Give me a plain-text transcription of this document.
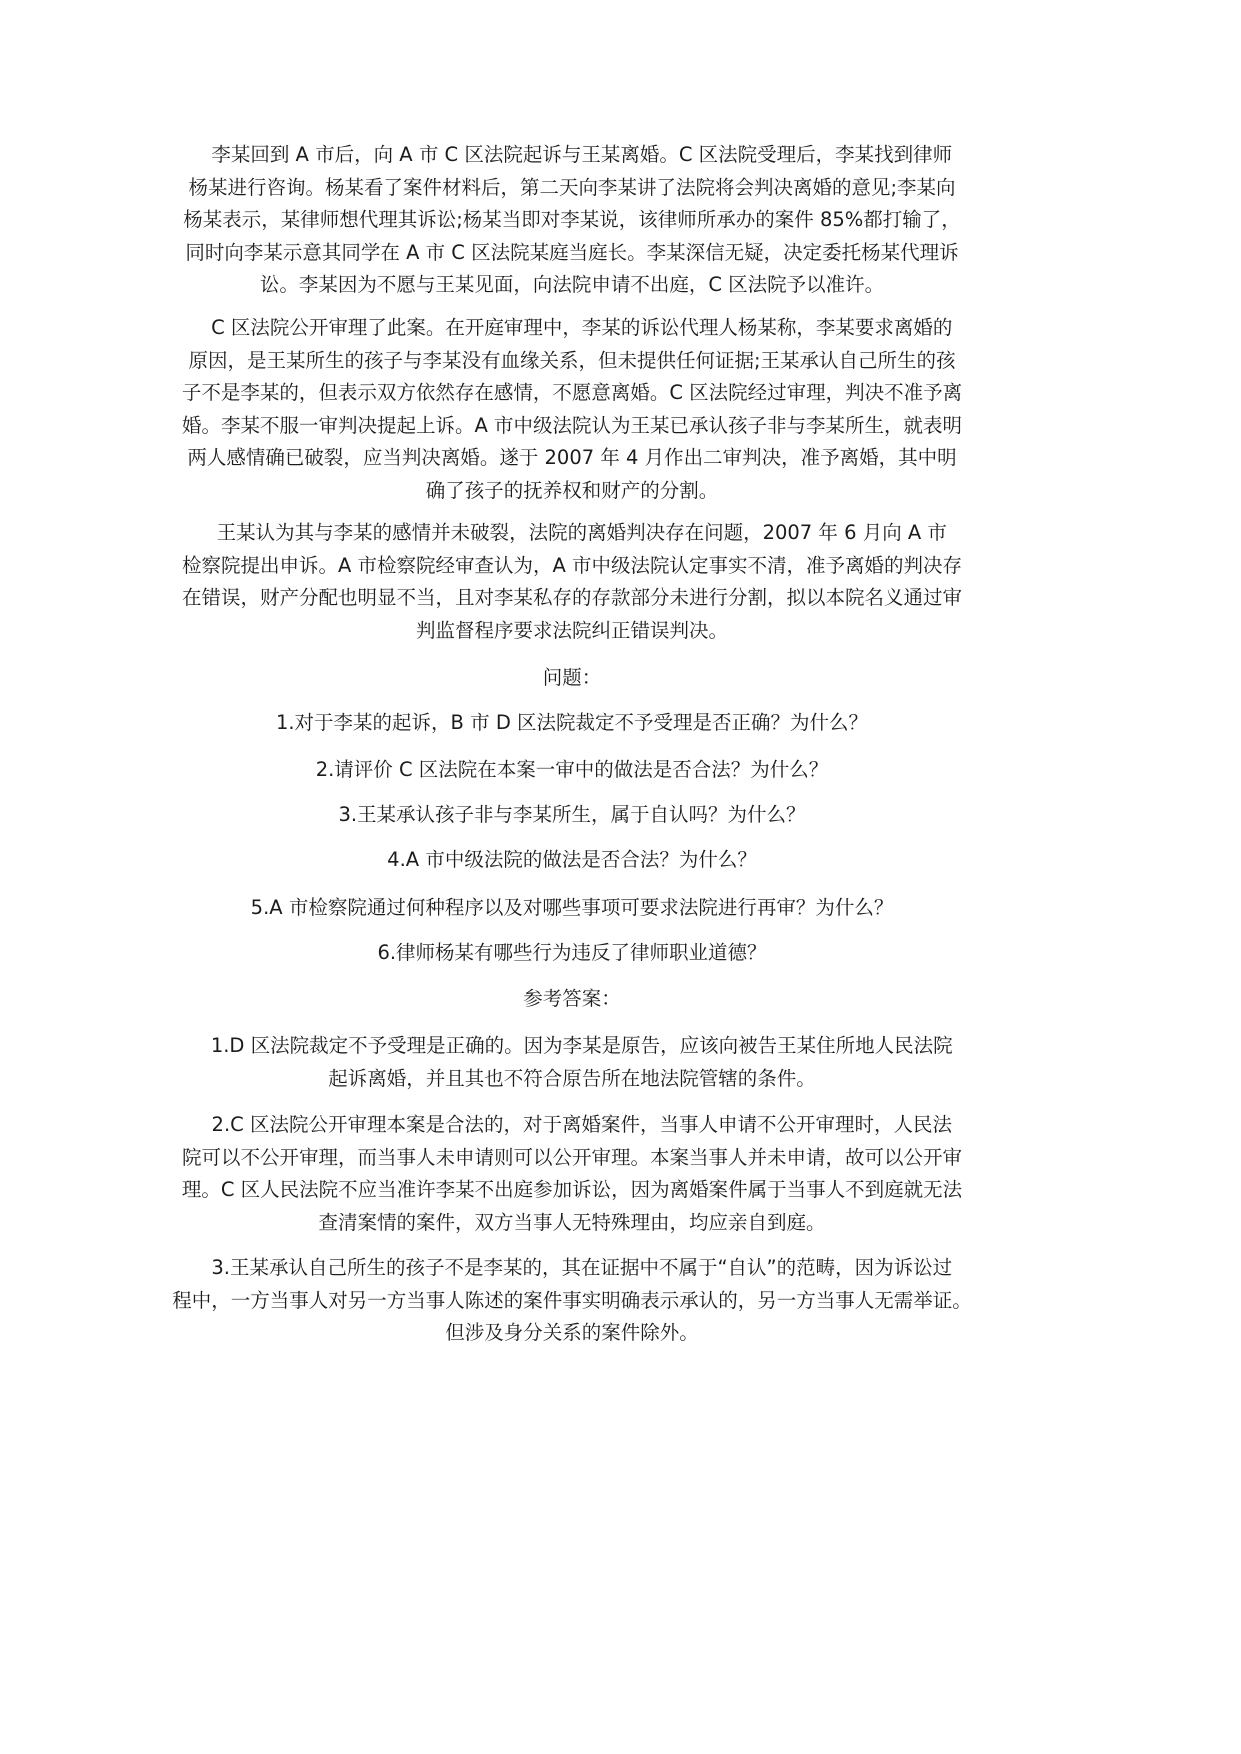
李某回到 A 市后，向 A 市 C 区法院起诉与王某离婚。C 区法院受理后，李某找到律师
杨某进行咨询。杨某看了案件材料后，第二天向李某讲了法院将会判决离婚的意见;李某向
杨某表示，某律师想代理其诉讼;杨某当即对李某说，该律师所承办的案件 85%都打输了，
同时向李某示意其同学在 A 市 C 区法院某庭当庭长。李某深信无疑，决定委托杨某代理诉
讼。李某因为不愿与王某见面，向法院申请不出庭，C 区法院予以准许。
C 区法院公开审理了此案。在开庭审理中，李某的诉讼代理人杨某称，李某要求离婚的
原因，是王某所生的孩子与李某没有血缘关系，但未提供任何证据;王某承认自己所生的孩
子不是李某的，但表示双方依然存在感情，不愿意离婚。C 区法院经过审理，判决不准予离
婚。李某不服一审判决提起上诉。A 市中级法院认为王某已承认孩子非与李某所生，就表明
两人感情确已破裂，应当判决离婚。遂于 2007 年 4 月作出二审判决，准予离婚，其中明
确了孩子的抚养权和财产的分割。
王某认为其与李某的感情并未破裂，法院的离婚判决存在问题，2007 年 6 月向 A 市
检察院提出申诉。A 市检察院经审查认为，A 市中级法院认定事实不清，准予离婚的判决存
在错误，财产分配也明显不当，且对李某私存的存款部分未进行分割，拟以本院名义通过审
判监督程序要求法院纠正错误判决。
问题：
1.对于李某的起诉，B 市 D 区法院裁定不予受理是否正确？为什么？
2.请评价 C 区法院在本案一审中的做法是否合法？为什么？
3.王某承认孩子非与李某所生，属于自认吗？为什么？
4.A 市中级法院的做法是否合法？为什么？
5.A 市检察院通过何种程序以及对哪些事项可要求法院进行再审？为什么？
6.律师杨某有哪些行为违反了律师职业道德？
参考答案：
1.D 区法院裁定不予受理是正确的。因为李某是原告，应该向被告王某住所地人民法院
起诉离婚，并且其也不符合原告所在地法院管辖的条件。
2.C 区法院公开审理本案是合法的，对于离婚案件，当事人申请不公开审理时，人民法
院可以不公开审理，而当事人未申请则可以公开审理。本案当事人并未申请，故可以公开审
理。C 区人民法院不应当准许李某不出庭参加诉讼，因为离婚案件属于当事人不到庭就无法
查清案情的案件，双方当事人无特殊理由，均应亲自到庭。
3.王某承认自己所生的孩子不是李某的，其在证据中不属于“自认”的范畴，因为诉讼过
程中，一方当事人对另一方当事人陈述的案件事实明确表示承认的，另一方当事人无需举证。
但涉及身分关系的案件除外。
